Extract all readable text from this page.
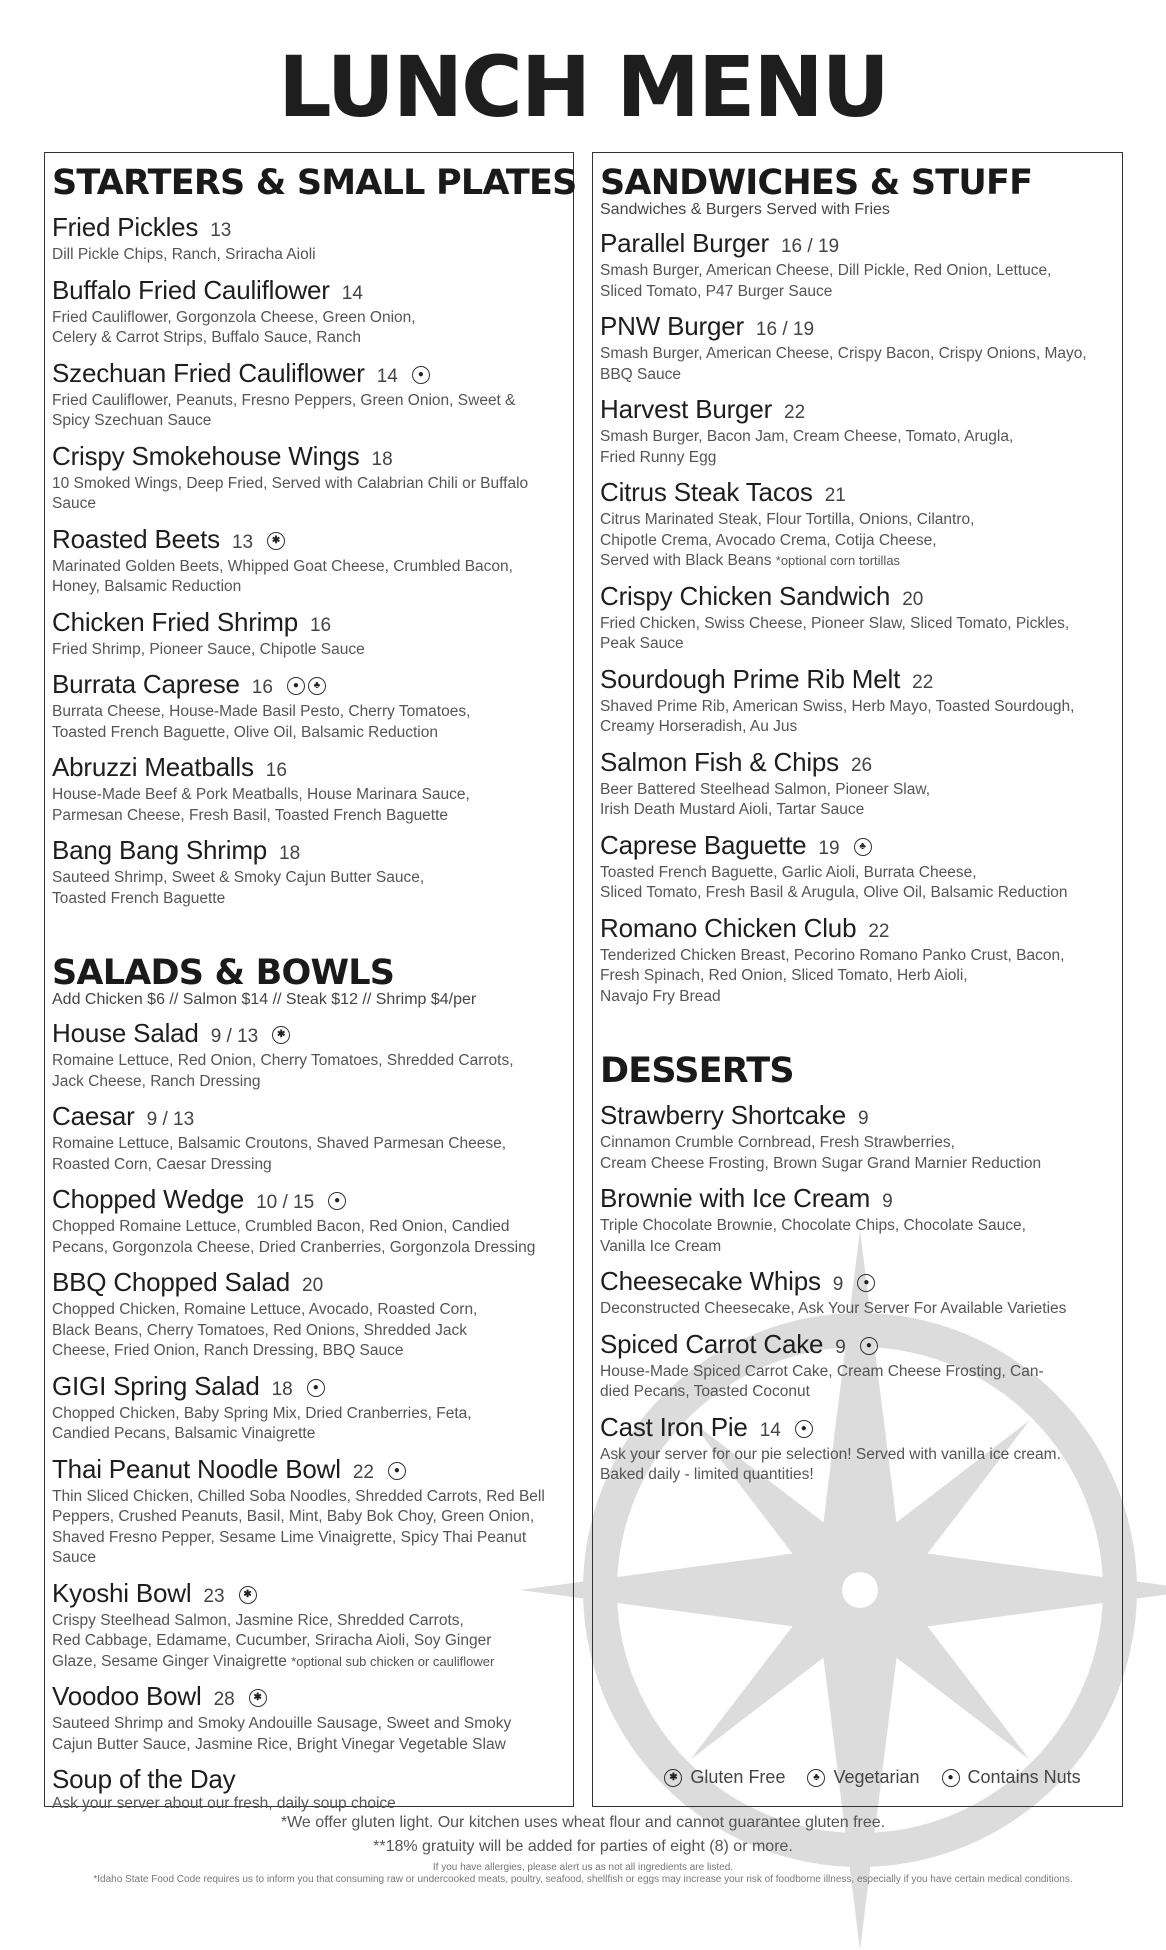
LUNCH MENU
STARTERS & SMALL PLATES
Fried Pickles 13
Dill Pickle Chips, Ranch, Sriracha Aioli
Buffalo Fried Cauliflower 14
Fried Cauliflower, Gorgonzola Cheese, Green Onion,
Celery & Carrot Strips, Buffalo Sauce, Ranch
Szechuan Fried Cauliflower 14	●
Fried Cauliflower, Peanuts, Fresno Peppers, Green Onion, Sweet &
Spicy Szechuan Sauce
Crispy Smokehouse Wings 18
10 Smoked Wings, Deep Fried, Served with Calabrian Chili or Buffalo Sauce
Roasted Beets 13	✱
Marinated Golden Beets, Whipped Goat Cheese, Crumbled Bacon,
Honey, Balsamic Reduction
Chicken Fried Shrimp 16
Fried Shrimp, Pioneer Sauce, Chipotle Sauce
Burrata Caprese 16	●	♣
Burrata Cheese, House-Made Basil Pesto, Cherry Tomatoes,
Toasted French Baguette, Olive Oil, Balsamic Reduction
Abruzzi Meatballs 16
House-Made Beef & Pork Meatballs, House Marinara Sauce,
Parmesan Cheese, Fresh Basil, Toasted French Baguette
Bang Bang Shrimp 18
Sauteed Shrimp, Sweet & Smoky Cajun Butter Sauce,
Toasted French Baguette
SALADS & BOWLS
Add Chicken $6 // Salmon $14 // Steak $12 // Shrimp $4/per
House Salad 9 / 13	✱
Romaine Lettuce, Red Onion, Cherry Tomatoes, Shredded Carrots,
Jack Cheese, Ranch Dressing
Caesar 9 / 13
Romaine Lettuce, Balsamic Croutons, Shaved Parmesan Cheese,
Roasted Corn, Caesar Dressing
Chopped Wedge 10 / 15	●
Chopped Romaine Lettuce, Crumbled Bacon, Red Onion, Candied
Pecans, Gorgonzola Cheese, Dried Cranberries, Gorgonzola Dressing
BBQ Chopped Salad 20
Chopped Chicken, Romaine Lettuce, Avocado, Roasted Corn,
Black Beans, Cherry Tomatoes, Red Onions, Shredded Jack
Cheese, Fried Onion, Ranch Dressing, BBQ Sauce
GIGI Spring Salad 18	●
Chopped Chicken, Baby Spring Mix, Dried Cranberries, Feta,
Candied Pecans, Balsamic Vinaigrette
Thai Peanut Noodle Bowl 22	●
Thin Sliced Chicken, Chilled Soba Noodles, Shredded Carrots, Red Bell
Peppers, Crushed Peanuts, Basil, Mint, Baby Bok Choy, Green Onion,
Shaved Fresno Pepper, Sesame Lime Vinaigrette, Spicy Thai Peanut Sauce
Kyoshi Bowl 23	✱
Crispy Steelhead Salmon, Jasmine Rice, Shredded Carrots,
Red Cabbage, Edamame, Cucumber, Sriracha Aioli, Soy Ginger
Glaze, Sesame Ginger Vinaigrette *optional sub chicken or cauliflower
Voodoo Bowl 28	✱
Sauteed Shrimp and Smoky Andouille Sausage, Sweet and Smoky
Cajun Butter Sauce, Jasmine Rice, Bright Vinegar Vegetable Slaw
Soup of the Day
Ask your server about our fresh, daily soup choice
SANDWICHES & STUFF
Sandwiches & Burgers Served with Fries
Parallel Burger 16 / 19
Smash Burger, American Cheese, Dill Pickle, Red Onion, Lettuce,
Sliced Tomato, P47 Burger Sauce
PNW Burger 16 / 19
Smash Burger, American Cheese, Crispy Bacon, Crispy Onions, Mayo,
BBQ Sauce
Harvest Burger 22
Smash Burger, Bacon Jam, Cream Cheese, Tomato, Arugla,
Fried Runny Egg
Citrus Steak Tacos 21
Citrus Marinated Steak, Flour Tortilla, Onions, Cilantro,
Chipotle Crema, Avocado Crema, Cotija Cheese,
Served with Black Beans *optional corn tortillas
Crispy Chicken Sandwich 20
Fried Chicken, Swiss Cheese, Pioneer Slaw, Sliced Tomato, Pickles,
Peak Sauce
Sourdough Prime Rib Melt 22
Shaved Prime Rib, American Swiss, Herb Mayo, Toasted Sourdough,
Creamy Horseradish, Au Jus
Salmon Fish & Chips 26
Beer Battered Steelhead Salmon, Pioneer Slaw,
Irish Death Mustard Aioli, Tartar Sauce
Caprese Baguette 19	♣
Toasted French Baguette, Garlic Aioli, Burrata Cheese,
Sliced Tomato, Fresh Basil & Arugula, Olive Oil, Balsamic Reduction
Romano Chicken Club 22
Tenderized Chicken Breast, Pecorino Romano Panko Crust, Bacon,
Fresh Spinach, Red Onion, Sliced Tomato, Herb Aioli,
Navajo Fry Bread
DESSERTS
Strawberry Shortcake 9
Cinnamon Crumble Cornbread, Fresh Strawberries,
Cream Cheese Frosting, Brown Sugar Grand Marnier Reduction
Brownie with Ice Cream 9
Triple Chocolate Brownie, Chocolate Chips, Chocolate Sauce,
Vanilla Ice Cream
Cheesecake Whips 9	●
Deconstructed Cheesecake, Ask Your Server For Available Varieties
Spiced Carrot Cake 9	●
House-Made Spiced Carrot Cake, Cream Cheese Frosting, Can-
died Pecans, Toasted Coconut
Cast Iron Pie 14	●
Ask your server for our pie selection! Served with vanilla ice cream.
Baked daily - limited quantities!
✱ Gluten Free	♣ Vegetarian	● Contains Nuts
*We offer gluten light. Our kitchen uses wheat flour and cannot guarantee gluten free.
**18% gratuity will be added for parties of eight (8) or more.
If you have allergies, please alert us as not all ingredients are listed.
*Idaho State Food Code requires us to inform you that consuming raw or undercooked meats, poultry, seafood, shellfish or eggs may increase your risk of foodborne illness, especially if you have certain medical conditions.
